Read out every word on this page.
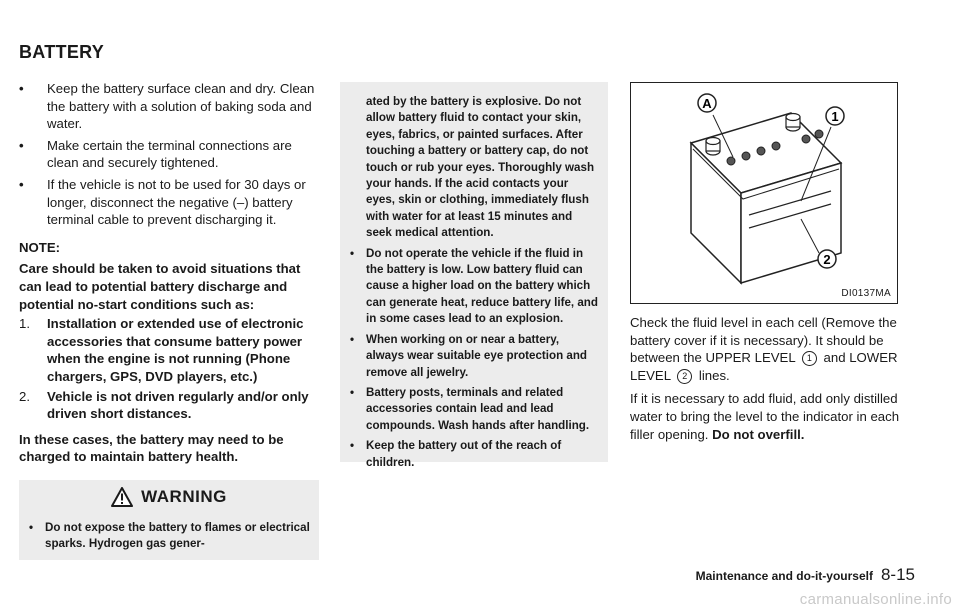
BATTERY
•	Keep the battery surface clean and dry. Clean the battery with a solution of baking soda and water.
•	Make certain the terminal connections are clean and securely tightened.
•	If the vehicle is not to be used for 30 days or longer, disconnect the negative (–) battery terminal cable to prevent discharging it.
NOTE:
Care should be taken to avoid situations that can lead to potential battery discharge and potential no-start conditions such as:
1. Installation or extended use of electronic accessories that consume battery power when the engine is not running (Phone chargers, GPS, DVD players, etc.)
2. Vehicle is not driven regularly and/or only driven short distances.
In these cases, the battery may need to be charged to maintain battery health.
WARNING
• Do not expose the battery to flames or electrical sparks. Hydrogen gas gener-
ated by the battery is explosive. Do not allow battery fluid to contact your skin, eyes, fabrics, or painted surfaces. After touching a battery or battery cap, do not touch or rub your eyes. Thoroughly wash your hands. If the acid contacts your eyes, skin or clothing, immediately flush with water for at least 15 minutes and seek medical attention.
• Do not operate the vehicle if the fluid in the battery is low. Low battery fluid can cause a higher load on the battery which can generate heat, reduce battery life, and in some cases lead to an explosion.
• When working on or near a battery, always wear suitable eye protection and remove all jewelry.
• Battery posts, terminals and related accessories contain lead and lead compounds. Wash hands after handling.
• Keep the battery out of the reach of children.
A
1
2
DI0137MA
Check the fluid level in each cell (Remove the battery cover if it is necessary). It should be between the UPPER LEVEL 1 and LOWER LEVEL 2 lines.
If it is necessary to add fluid, add only distilled water to bring the level to the indicator in each filler opening. Do not overfill.
Maintenance and do-it-yourself 8-15
carmanualsonline.info
